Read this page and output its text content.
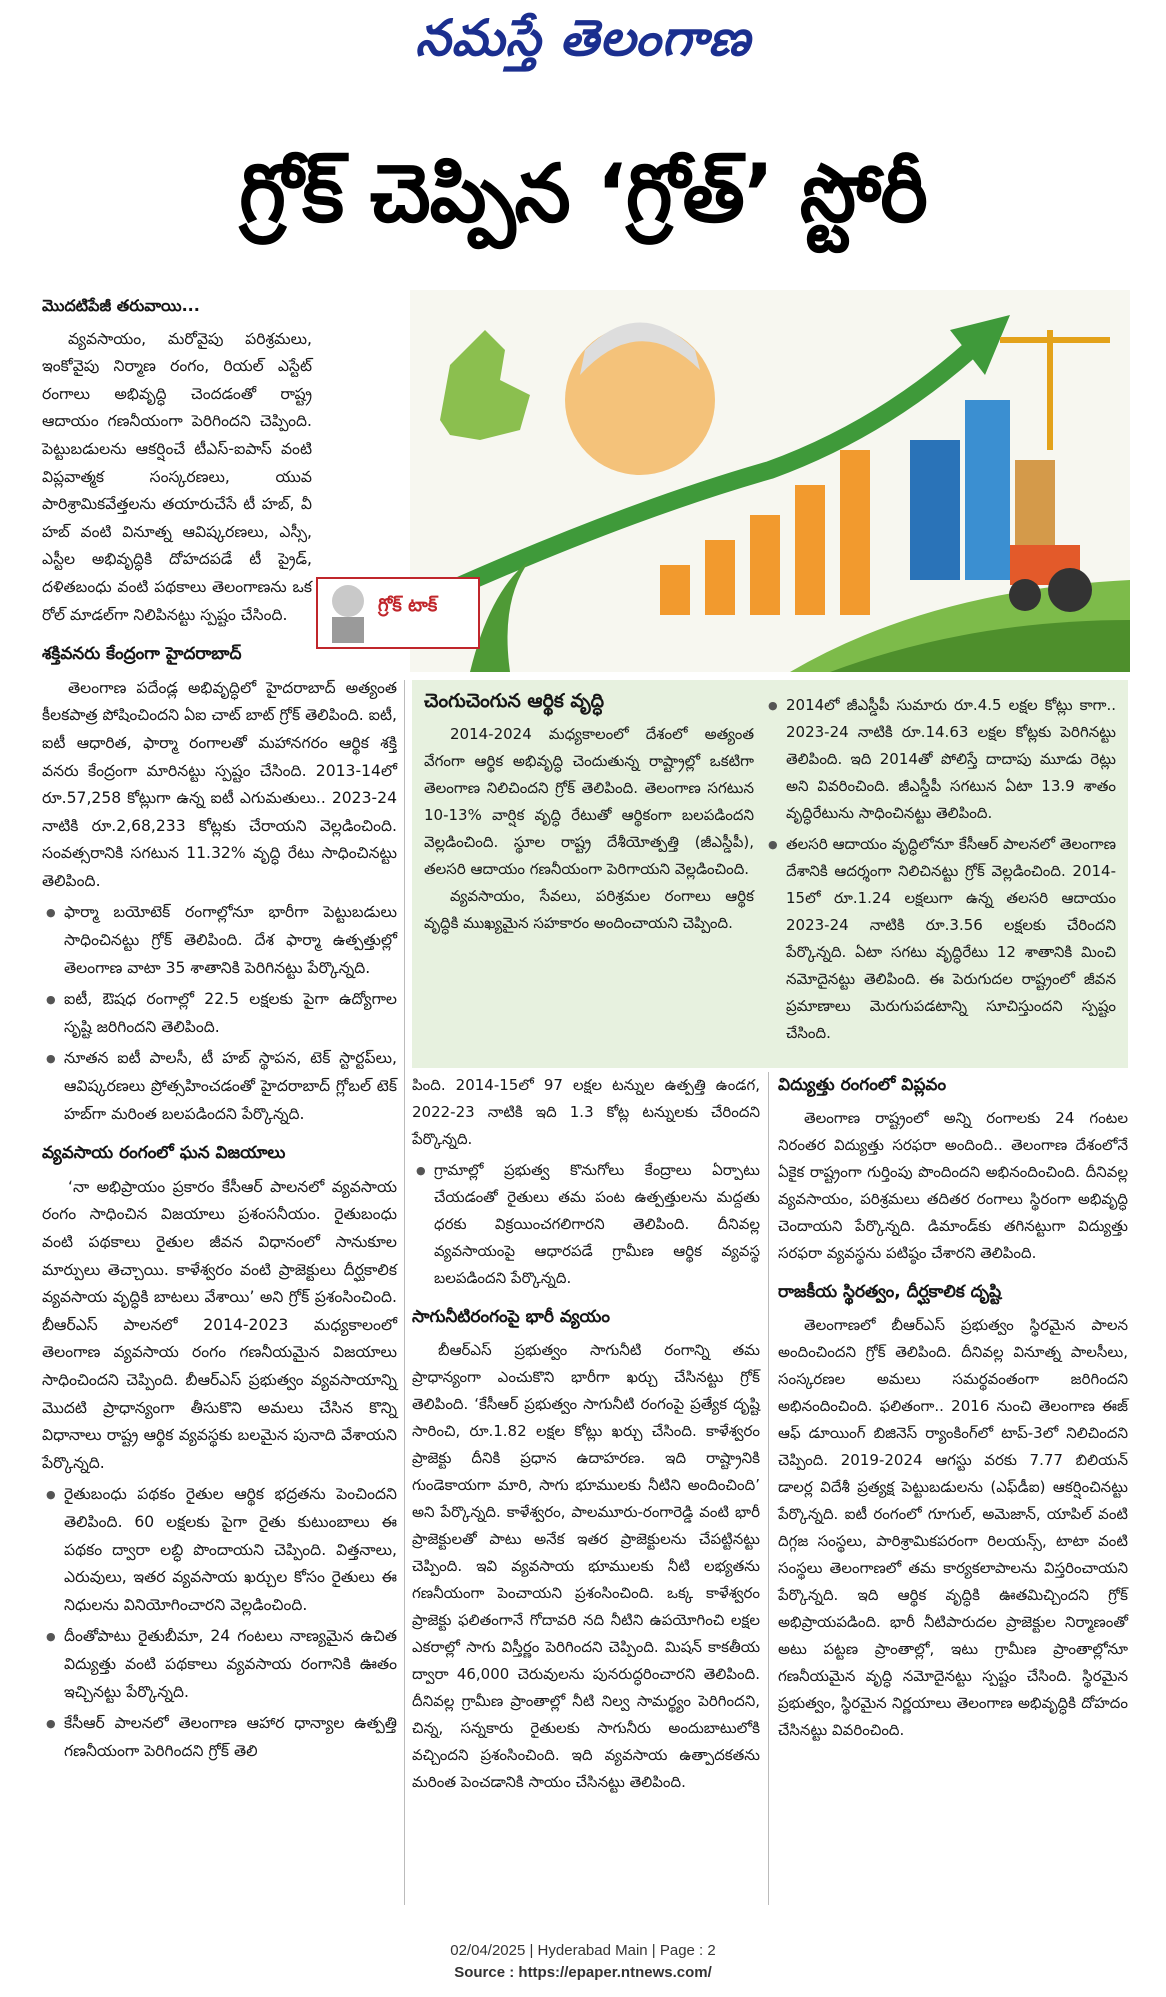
నమస్తే తెలంగాణ
గ్రోక్ చెప్పిన ‘గ్రోత్’ స్టోరీ
గ్రోక్ టాక్
మొదటిపేజీ తరువాయి...

వ్యవసాయం, మరోవైపు పరిశ్రమలు, ఇంకోవైపు నిర్మాణ రంగం, రియల్ ఎస్టేట్ రంగాలు అభివృద్ధి చెందడంతో రాష్ట్ర ఆదాయం గణనీయంగా పెరిగిందని చెప్పింది. పెట్టుబడులను ఆకర్షించే టీఎస్-ఐపాస్ వంటి విప్లవాత్మక సంస్కరణలు, యువ పారిశ్రామికవేత్తలను తయారుచేసే టీ హబ్, వీ హబ్ వంటి వినూత్న ఆవిష్కరణలు, ఎస్సీ, ఎస్టీల అభివృద్ధికి దోహదపడే టీ ప్రైడ్, దళితబంధు వంటి పథకాలు తెలంగాణను ఒక రోల్ మాడల్‌గా నిలిపినట్టు స్పష్టం చేసింది.

శక్తివనరు కేంద్రంగా హైదరాబాద్

తెలంగాణ పదేండ్ల అభివృద్ధిలో హైదరాబాద్ అత్యంత కీలకపాత్ర పోషించిందని ఏఐ చాట్ బాట్ గ్రోక్ తెలిపింది. ఐటీ, ఐటీ ఆధారిత, ఫార్మా రంగాలతో మహానగరం ఆర్థిక శక్తి వనరు కేంద్రంగా మారినట్టు స్పష్టం చేసింది. 2013-14లో రూ.57,258 కోట్లుగా ఉన్న ఐటీ ఎగుమతులు.. 2023-24 నాటికి రూ.2,68,233 కోట్లకు చేరాయని వెల్లడించింది. సంవత్సరానికి సగటున 11.32% వృద్ధి రేటు సాధించినట్టు తెలిపింది.

● ఫార్మా బయోటెక్ రంగాల్లోనూ భారీగా పెట్టుబడులు సాధించినట్టు గ్రోక్ తెలిపింది. దేశ ఫార్మా ఉత్పత్తుల్లో తెలంగాణ వాటా 35 శాతానికి పెరిగినట్టు పేర్కొన్నది.

● ఐటీ, ఔషధ రంగాల్లో 22.5 లక్షలకు పైగా ఉద్యోగాల సృష్టి జరిగిందని తెలిపింది.

● నూతన ఐటీ పాలసీ, టీ హబ్ స్థాపన, టెక్ స్టార్టప్‌లు, ఆవిష్కరణలు ప్రోత్సహించడంతో హైదరాబాద్ గ్లోబల్ టెక్ హబ్‌గా మరింత బలపడిందని పేర్కొన్నది.

వ్యవసాయ రంగంలో ఘన విజయాలు

‘నా అభిప్రాయం ప్రకారం కేసీఆర్ పాలనలో వ్యవసాయ రంగం సాధించిన విజయాలు ప్రశంసనీయం. రైతుబంధు వంటి పథకాలు రైతుల జీవన విధానంలో సానుకూల మార్పులు తెచ్చాయి. కాళేశ్వరం వంటి ప్రాజెక్టులు దీర్ఘకాలిక వ్యవసాయ వృద్ధికి బాటలు వేశాయి’ అని గ్రోక్ ప్రశంసించింది. బీఆర్ఎస్ పాలనలో 2014-2023 మధ్యకాలంలో తెలంగాణ వ్యవసాయ రంగం గణనీయమైన విజయాలు సాధించిందని చెప్పింది. బీఆర్ఎస్ ప్రభుత్వం వ్యవసాయాన్ని మొదటి ప్రాధాన్యంగా తీసుకొని అమలు చేసిన కొన్ని విధానాలు రాష్ట్ర ఆర్థిక వ్యవస్థకు బలమైన పునాది వేశాయని పేర్కొన్నది.

● రైతుబంధు పథకం రైతుల ఆర్థిక భద్రతను పెంచిందని తెలిపింది. 60 లక్షలకు పైగా రైతు కుటుంబాలు ఈ పథకం ద్వారా లబ్ధి పొందాయని చెప్పింది. విత్తనాలు, ఎరువులు, ఇతర వ్యవసాయ ఖర్చుల కోసం రైతులు ఈ నిధులను వినియోగించారని వెల్లడించింది.

● దీంతోపాటు రైతుబీమా, 24 గంటలు నాణ్యమైన ఉచిత విద్యుత్తు వంటి పథకాలు వ్యవసాయ రంగానికి ఊతం ఇచ్చినట్టు పేర్కొన్నది.

● కేసీఆర్ పాలనలో తెలంగాణ ఆహార ధాన్యాల ఉత్పత్తి గణనీయంగా పెరిగిందని గ్రోక్ తెలి

చెంగుచెంగున ఆర్థిక వృద్ధి

2014-2024 మధ్యకాలంలో దేశంలో అత్యంత వేగంగా ఆర్థిక అభివృద్ధి చెందుతున్న రాష్ట్రాల్లో ఒకటిగా తెలంగాణ నిలిచిందని గ్రోక్ తెలిపింది. తెలంగాణ సగటున 10-13% వార్షిక వృద్ధి రేటుతో ఆర్థికంగా బలపడిందని వెల్లడించింది. స్థూల రాష్ట్ర దేశీయోత్పత్తి (జీఎస్డీపీ), తలసరి ఆదాయం గణనీయంగా పెరిగాయని వెల్లడించింది.

వ్యవసాయం, సేవలు, పరిశ్రమల రంగాలు ఆర్థిక వృద్ధికి ముఖ్యమైన సహకారం అందించాయని చెప్పింది.

● 2014లో జీఎస్డీపీ సుమారు రూ.4.5 లక్షల కోట్లు కాగా.. 2023-24 నాటికి రూ.14.63 లక్షల కోట్లకు పెరిగినట్టు తెలిపింది. ఇది 2014తో పోలిస్తే దాదాపు మూడు రెట్లు అని వివరించింది. జీఎస్డీపీ సగటున ఏటా 13.9 శాతం వృద్ధిరేటును సాధించినట్టు తెలిపింది.

● తలసరి ఆదాయం వృద్ధిలోనూ కేసీఆర్ పాలనలో తెలంగాణ దేశానికి ఆదర్శంగా నిలిచినట్టు గ్రోక్ వెల్లడించింది. 2014-15లో రూ.1.24 లక్షలుగా ఉన్న తలసరి ఆదాయం 2023-24 నాటికి రూ.3.56 లక్షలకు చేరిందని పేర్కొన్నది. ఏటా సగటు వృద్ధిరేటు 12 శాతానికి మించి నమోదైనట్టు తెలిపింది. ఈ పెరుగుదల రాష్ట్రంలో జీవన ప్రమాణాలు మెరుగుపడటాన్ని సూచిస్తుందని స్పష్టం చేసింది.

పింది. 2014-15లో 97 లక్షల టన్నుల ఉత్పత్తి ఉండగ, 2022-23 నాటికి ఇది 1.3 కోట్ల టన్నులకు చేరిందని పేర్కొన్నది.

● గ్రామాల్లో ప్రభుత్వ కొనుగోలు కేంద్రాలు ఏర్పాటు చేయడంతో రైతులు తమ పంట ఉత్పత్తులను మద్దతు ధరకు విక్రయించగలిగారని తెలిపింది. దీనివల్ల వ్యవసాయంపై ఆధారపడే గ్రామీణ ఆర్థిక వ్యవస్థ బలపడిందని పేర్కొన్నది.

సాగునీటిరంగంపై భారీ వ్యయం

బీఆర్ఎస్ ప్రభుత్వం సాగునీటి రంగాన్ని తమ ప్రాధాన్యంగా ఎంచుకొని భారీగా ఖర్చు చేసినట్టు గ్రోక్ తెలిపింది. ‘కేసీఆర్ ప్రభుత్వం సాగునీటి రంగంపై ప్రత్యేక దృష్టి సారించి, రూ.1.82 లక్షల కోట్లు ఖర్చు చేసింది. కాళేశ్వరం ప్రాజెక్టు దీనికి ప్రధాన ఉదాహరణ. ఇది రాష్ట్రానికి గుండెకాయగా మారి, సాగు భూములకు నీటిని అందించింది’ అని పేర్కొన్నది. కాళేశ్వరం, పాలమూరు-రంగారెడ్డి వంటి భారీ ప్రాజెక్టులతో పాటు అనేక ఇతర ప్రాజెక్టులను చేపట్టినట్టు చెప్పింది. ఇవి వ్యవసాయ భూములకు నీటి లభ్యతను గణనీయంగా పెంచాయని ప్రశంసించింది. ఒక్క కాళేశ్వరం ప్రాజెక్టు ఫలితంగానే గోదావరి నది నీటిని ఉపయోగించి లక్షల ఎకరాల్లో సాగు విస్తీర్ణం పెరిగిందని చెప్పింది. మిషన్ కాకతీయ ద్వారా 46,000 చెరువులను పునరుద్ధరించారని తెలిపింది. దీనివల్ల గ్రామీణ ప్రాంతాల్లో నీటి నిల్వ సామర్థ్యం పెరిగిందని, చిన్న, సన్నకారు రైతులకు సాగునీరు అందుబాటులోకి వచ్చిందని ప్రశంసించింది. ఇది వ్యవసాయ ఉత్పాదకతను మరింత పెంచడానికి సాయం చేసినట్టు తెలిపింది.

విద్యుత్తు రంగంలో విప్లవం

తెలంగాణ రాష్ట్రంలో అన్ని రంగాలకు 24 గంటల నిరంతర విద్యుత్తు సరఫరా అందింది.. తెలంగాణ దేశంలోనే ఏకైక రాష్ట్రంగా గుర్తింపు పొందిందని అభినందించింది. దీనివల్ల వ్యవసాయం, పరిశ్రమలు తదితర రంగాలు స్థిరంగా అభివృద్ధి చెందాయని పేర్కొన్నది. డిమాండ్‌కు తగినట్టుగా విద్యుత్తు సరఫరా వ్యవస్థను పటిష్ఠం చేశారని తెలిపింది.

రాజకీయ స్థిరత్వం, దీర్ఘకాలిక దృష్టి

తెలంగాణలో బీఆర్ఎస్ ప్రభుత్వం స్థిరమైన పాలన అందించిందని గ్రోక్ తెలిపింది. దీనివల్ల వినూత్న పాలసీలు, సంస్కరణల అమలు సమర్థవంతంగా జరిగిందని అభినందించింది. ఫలితంగా.. 2016 నుంచి తెలంగాణ ఈజ్ ఆఫ్ డూయింగ్ బిజినెస్ ర్యాంకింగ్‌లో టాప్-3లో నిలిచిందని చెప్పింది. 2019-2024 ఆగస్టు వరకు 7.77 బిలియన్ డాలర్ల విదేశీ ప్రత్యక్ష పెట్టుబడులను (ఎఫ్‌డీఐ) ఆకర్షించినట్టు పేర్కొన్నది. ఐటీ రంగంలో గూగుల్, అమెజాన్, యాపిల్ వంటి దిగ్గజ సంస్థలు, పారిశ్రామికపరంగా రిలయన్స్, టాటా వంటి సంస్థలు తెలంగాణలో తమ కార్యకలాపాలను విస్తరించాయని పేర్కొన్నది. ఇది ఆర్థిక వృద్ధికి ఊతమిచ్చిందని గ్రోక్ అభిప్రాయపడింది. భారీ నీటిపారుదల ప్రాజెక్టుల నిర్మాణంతో అటు పట్టణ ప్రాంతాల్లో, ఇటు గ్రామీణ ప్రాంతాల్లోనూ గణనీయమైన వృద్ధి నమోదైనట్టు స్పష్టం చేసింది. స్థిరమైన ప్రభుత్వం, స్థిరమైన నిర్ణయాలు తెలంగాణ అభివృద్ధికి దోహదం చేసినట్టు వివరించింది.

02/04/2025 | Hyderabad Main | Page : 2
Source : https://epaper.ntnews.com/
